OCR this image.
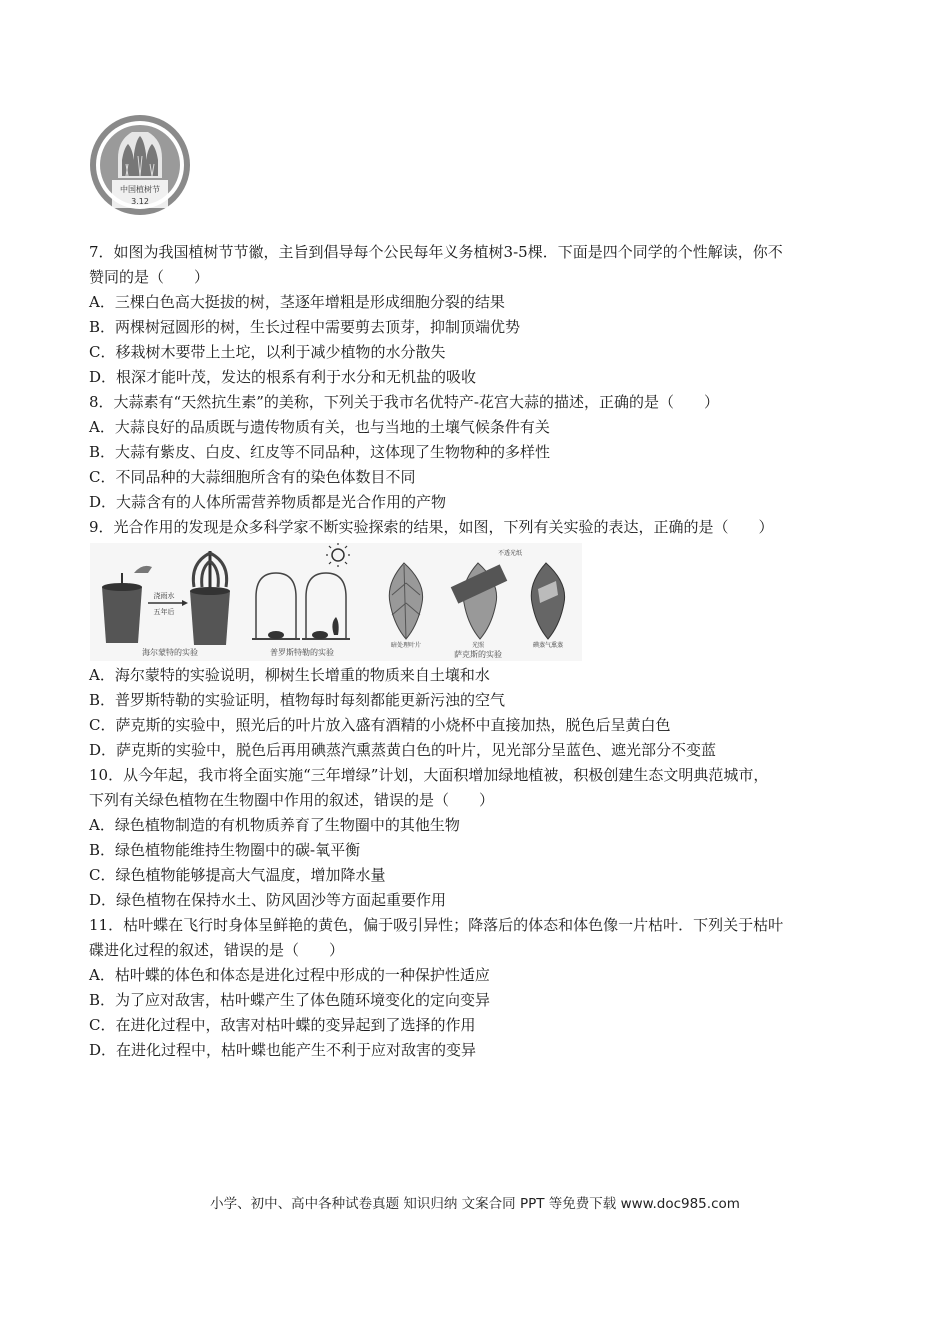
中国植树节
3.12
7．如图为我国植树节节徽，主旨到倡导每个公民每年义务植树3-5棵．下面是四个同学的个性解读，你不
赞同的是（　　）
A．三棵白色高大挺拔的树，茎逐年增粗是形成细胞分裂的结果
B．两棵树冠圆形的树，生长过程中需要剪去顶芽，抑制顶端优势
C．移栽树木要带上土坨，以利于减少植物的水分散失
D．根深才能叶茂，发达的根系有利于水分和无机盐的吸收
8．大蒜素有“天然抗生素”的美称，下列关于我市名优特产-花宫大蒜的描述，正确的是（　　）
A．大蒜良好的品质既与遗传物质有关，也与当地的土壤气候条件有关
B．大蒜有紫皮、白皮、红皮等不同品种，这体现了生物物种的多样性
C．不同品种的大蒜细胞所含有的染色体数目不同
D．大蒜含有的人体所需营养物质都是光合作用的产物
9．光合作用的发现是众多科学家不断实验探索的结果，如图，下列有关实验的表达，正确的是（　　）
浇雨水
五年后
海尔蒙特的实验	普罗斯特勒的实验
不透光纸
暗处理叶片	光照	碘蒸气熏蒸
萨克斯的实验
A．海尔蒙特的实验说明，柳树生长增重的物质来自土壤和水
B．普罗斯特勒的实验证明，植物每时每刻都能更新污浊的空气
C．萨克斯的实验中，照光后的叶片放入盛有酒精的小烧杯中直接加热，脱色后呈黄白色
D．萨克斯的实验中，脱色后再用碘蒸汽熏蒸黄白色的叶片，见光部分呈蓝色、遮光部分不变蓝
10．从今年起，我市将全面实施“三年增绿”计划，大面积增加绿地植被，积极创建生态文明典范城市，
下列有关绿色植物在生物圈中作用的叙述，错误的是（　　）
A．绿色植物制造的有机物质养育了生物圈中的其他生物
B．绿色植物能维持生物圈中的碳-氧平衡
C．绿色植物能够提高大气温度，增加降水量
D．绿色植物在保持水土、防风固沙等方面起重要作用
11．枯叶蝶在飞行时身体呈鲜艳的黄色，偏于吸引异性；降落后的体态和体色像一片枯叶．下列关于枯叶
碟进化过程的叙述，错误的是（　　）
A．枯叶蝶的体色和体态是进化过程中形成的一种保护性适应
B．为了应对敌害，枯叶蝶产生了体色随环境变化的定向变异
C．在进化过程中，敌害对枯叶蝶的变异起到了选择的作用
D．在进化过程中，枯叶蝶也能产生不利于应对敌害的变异
小学、初中、高中各种试卷真题 知识归纳 文案合同 PPT 等免费下载 www.doc985.com
